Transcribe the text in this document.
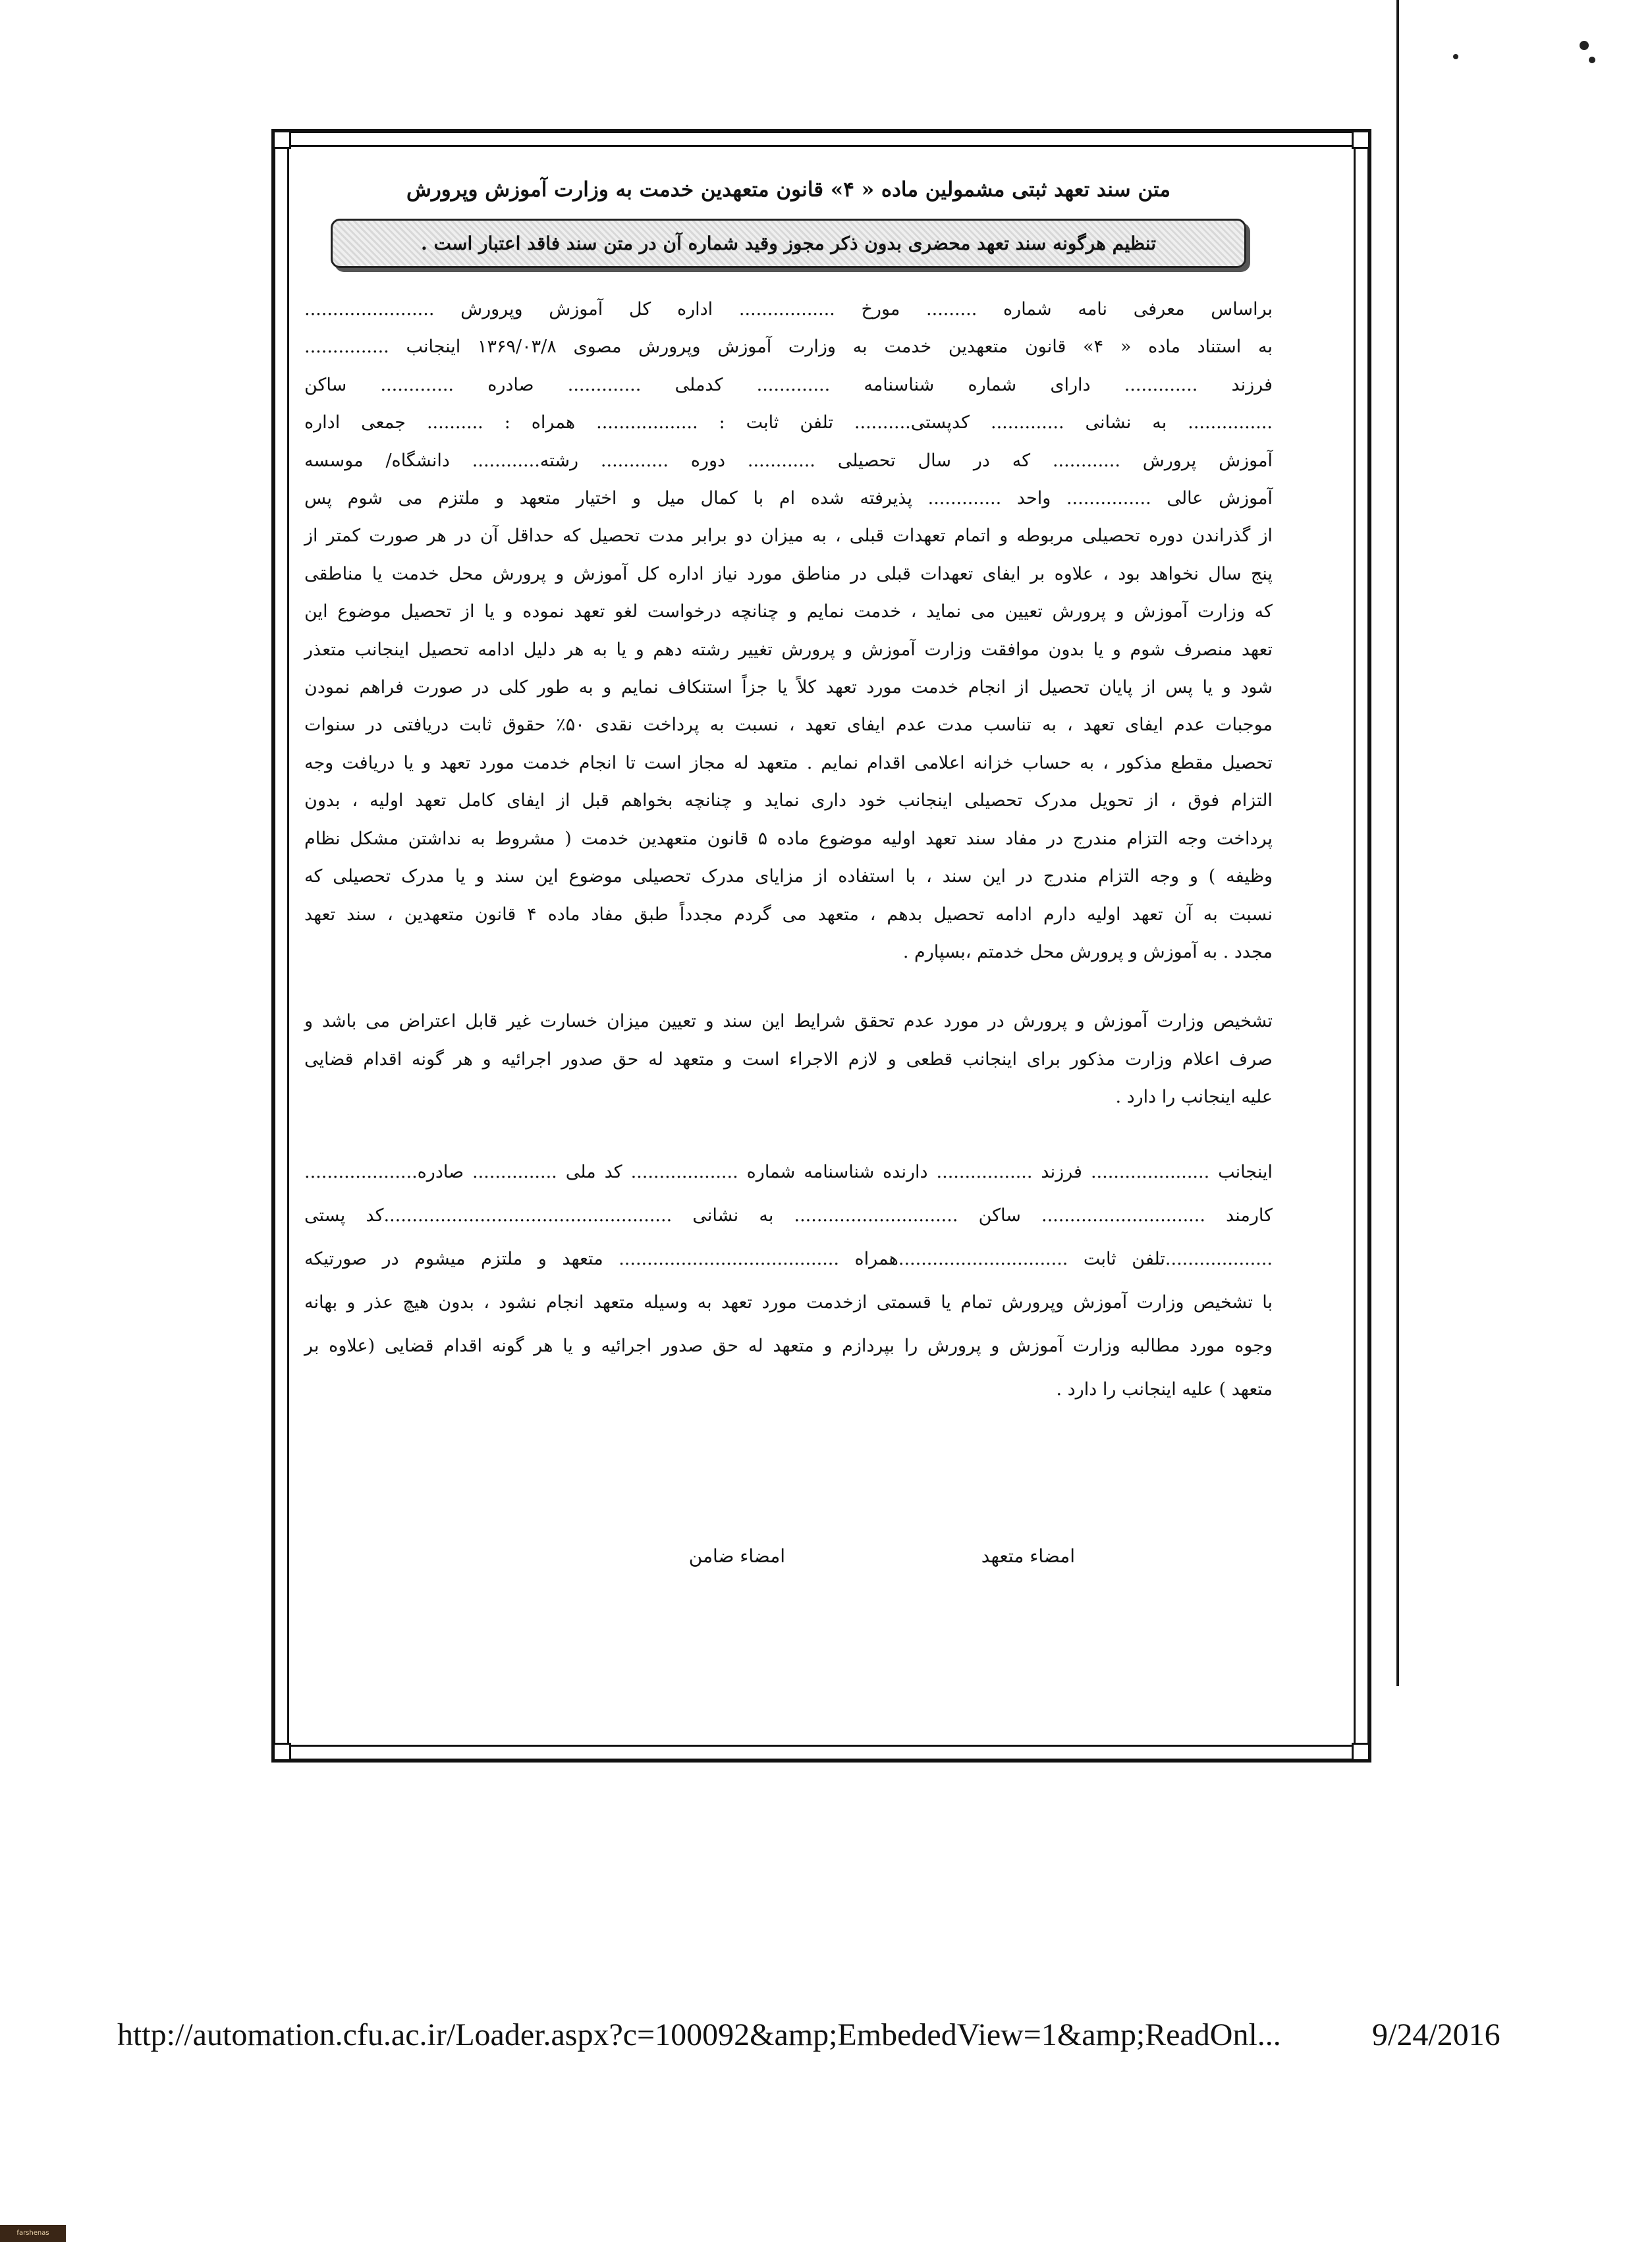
متن سند تعهد ثبتی مشمولین ماده « ۴» قانون متعهدین خدمت به وزارت آموزش وپرورش
تنظیم هرگونه سند تعهد محضری بدون ذکر مجوز وقید شماره آن در متن سند فاقد اعتبار است .
براساس معرفی نامه شماره ......... مورخ ................. اداره کل آموزش وپرورش .......................
به استناد ماده « ۴» قانون متعهدین خدمت به وزارت آموزش وپرورش مصوی ۱۳۶۹/۰۳/۸ اینجانب ...............
فرزند ............. دارای شماره شناسنامه ............. کدملی ............. صادره ............. ساکن
............... به نشانی ............. کدپستی.......... تلفن ثابت : .................. همراه : .......... جمعی اداره
آموزش پرورش ............ که در سال تحصیلی ............ دوره ............ رشته............ دانشگاه/ موسسه
آموزش عالی ............... واحد ............. پذیرفته شده ام با کمال میل و اختیار متعهد و ملتزم می شوم پس
از گذراندن دوره تحصیلی مربوطه و اتمام تعهدات قبلی ، به میزان دو برابر مدت تحصیل که حداقل آن در هر صورت کمتر از
پنج سال نخواهد بود ، علاوه بر ایفای تعهدات قبلی در مناطق مورد نیاز اداره کل آموزش و پرورش محل خدمت یا مناطقی
که وزارت آموزش و پرورش تعیین می نماید ، خدمت نمایم و چنانچه درخواست لغو تعهد نموده و یا از تحصیل موضوع این
تعهد منصرف شوم و یا بدون موافقت وزارت آموزش و پرورش تغییر رشته دهم و یا به هر دلیل ادامه تحصیل اینجانب متعذر
شود و یا پس از پایان تحصیل از انجام خدمت مورد تعهد کلاً یا جزاً استنکاف نمایم و به طور کلی در صورت فراهم نمودن
موجبات عدم ایفای تعهد ، به تناسب مدت عدم ایفای تعهد ، نسبت به پرداخت نقدی ۵۰٪ حقوق ثابت دریافتی در سنوات
تحصیل مقطع مذکور ، به حساب خزانه اعلامی اقدام نمایم . متعهد له مجاز است تا انجام خدمت مورد تعهد و یا دریافت وجه
التزام فوق ، از تحویل مدرک تحصیلی اینجانب خود داری نماید و چنانچه بخواهم قبل از ایفای کامل تعهد اولیه ، بدون
پرداخت وجه التزام مندرج در مفاد سند تعهد اولیه موضوع ماده ۵ قانون متعهدین خدمت ( مشروط به نداشتن مشکل نظام
وظیفه ) و وجه التزام مندرج در این سند ، با استفاده از مزایای مدرک تحصیلی موضوع این سند و یا مدرک تحصیلی که
نسبت به آن تعهد اولیه دارم ادامه تحصیل بدهم ، متعهد می گردم مجدداً طبق مفاد ماده ۴ قانون متعهدین ، سند تعهد
مجدد . به آموزش و پرورش محل خدمتم ،بسپارم .
تشخیص وزارت آموزش و پرورش در مورد عدم تحقق شرایط این سند و تعیین میزان خسارت غیر قابل اعتراض می باشد و
صرف اعلام وزارت مذکور برای اینجانب قطعی و لازم الاجراء است و متعهد له حق صدور اجرائیه و هر گونه اقدام قضایی
علیه اینجانب را دارد .
اینجانب ..................... فرزند ................. دارنده شناسنامه شماره ................... کد ملی ............... صادره....................
کارمند ............................. ساکن ............................. به نشانی ...................................................کد پستی
...................تلفن ثابت ..............................همراه ....................................... متعهد و ملتزم میشوم در صورتیکه
با تشخیص وزارت آموزش وپرورش تمام یا قسمتی ازخدمت مورد تعهد به وسیله متعهد انجام نشود ، بدون هیچ عذر و بهانه
وجوه مورد مطالبه وزارت آموزش و پرورش را بپردازم و متعهد له حق صدور اجرائیه و یا هر گونه اقدام قضایی (علاوه بر
متعهد ) علیه اینجانب را دارد .
امضاء متعهد
امضاء ضامن
http://automation.cfu.ac.ir/Loader.aspx?c=100092&amp;EmbededView=1&amp;ReadOnl...	9/24/2016
farshenas
